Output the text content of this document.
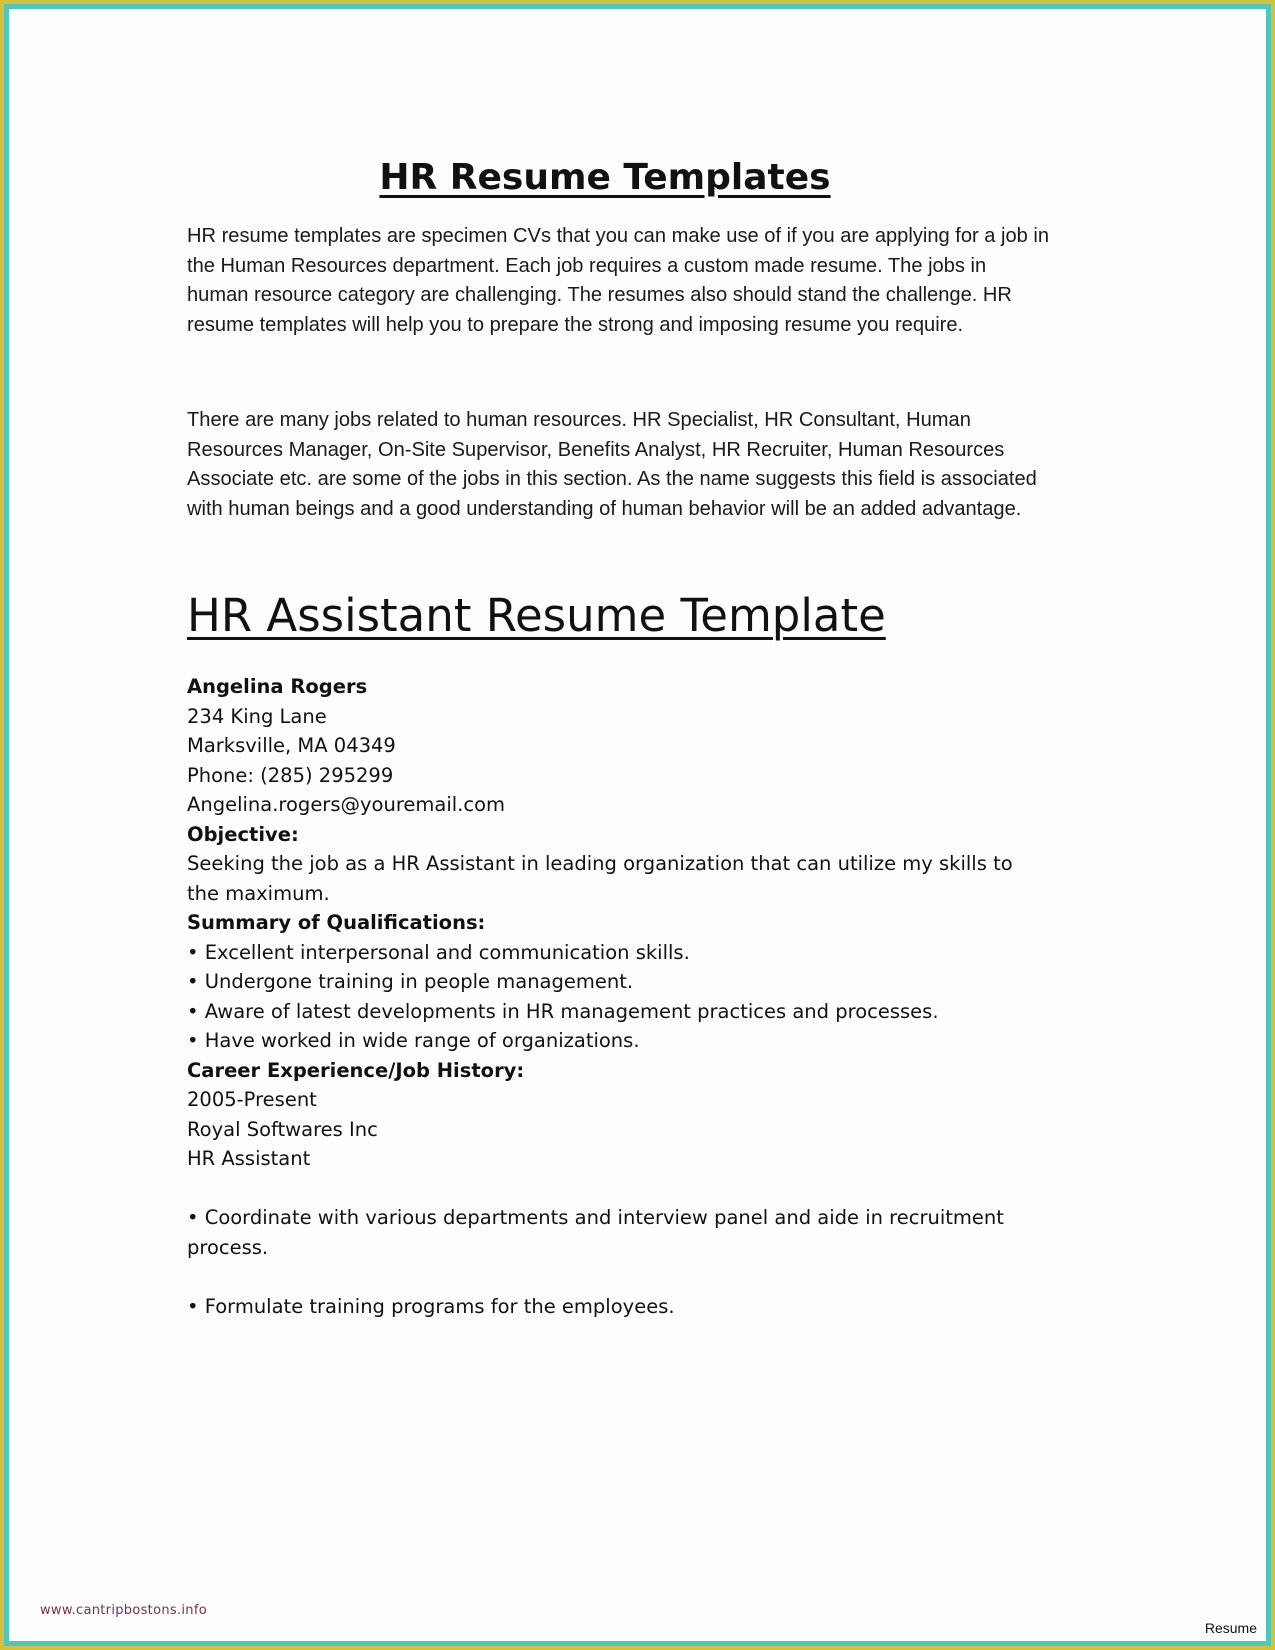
HR Resume Templates

HR resume templates are specimen CVs that you can make use of if you are applying for a job in the Human Resources department. Each job requires a custom made resume. The jobs in human resource category are challenging. The resumes also should stand the challenge. HR resume templates will help you to prepare the strong and imposing resume you require.

There are many jobs related to human resources. HR Specialist, HR Consultant, Human Resources Manager, On-Site Supervisor, Benefits Analyst, HR Recruiter, Human Resources Associate etc. are some of the jobs in this section. As the name suggests this field is associated with human beings and a good understanding of human behavior will be an added advantage.

HR Assistant Resume Template
Angelina Rogers
234 King Lane
Marksville, MA 04349
Phone: (285) 295299
Angelina.rogers@youremail.com
Objective:
Seeking the job as a HR Assistant in leading organization that can utilize my skills to the maximum.
Summary of Qualifications:
• Excellent interpersonal and communication skills.
• Undergone training in people management.
• Aware of latest developments in HR management practices and processes.
• Have worked in wide range of organizations.
Career Experience/Job History:
2005-Present
Royal Softwares Inc
HR Assistant
• Coordinate with various departments and interview panel and aide in recruitment process.
• Formulate training programs for the employees.
www.cantripbostons.info
Resume
